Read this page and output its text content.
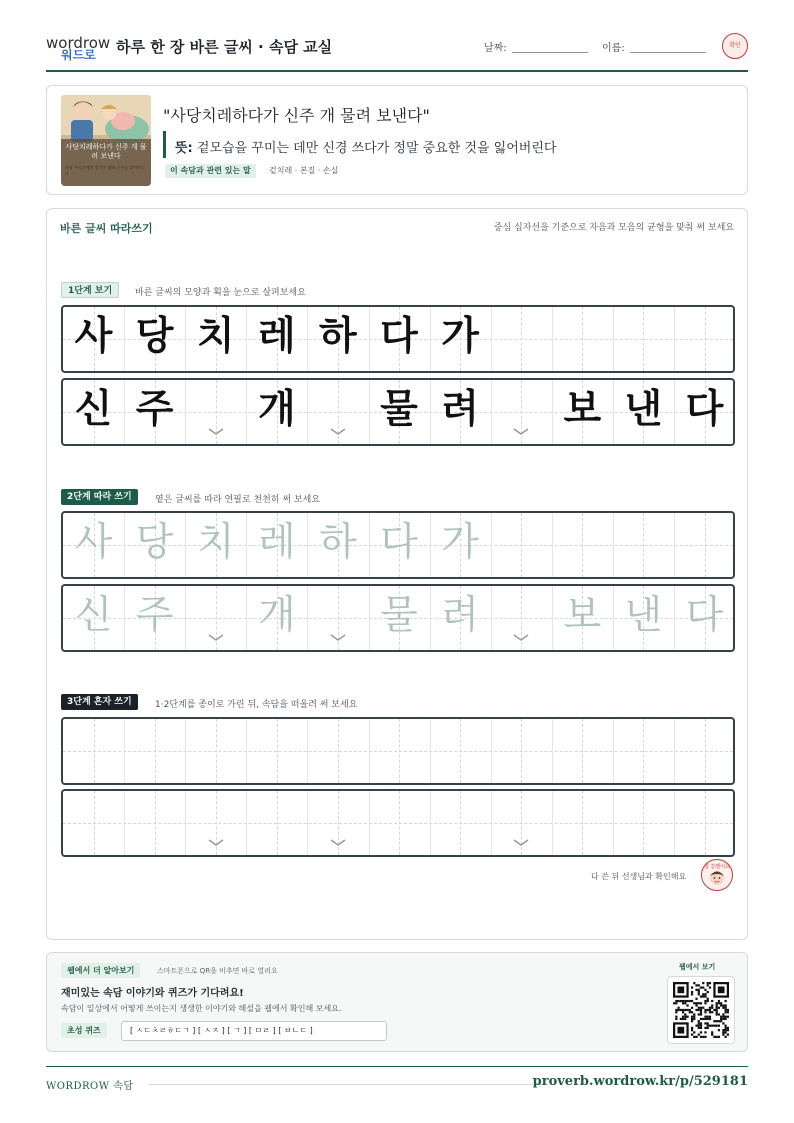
wordrow
워드로 하루 한 장 바른 글씨 · 속담 교실	날짜:	이름:	확인
사당치레하다가 신주 개 물려 보낸다
사당 꾸미기에만 정신이 팔려 신주를 잃어버리다
"사당치레하다가 신주 개 물려 보낸다"
뜻: 겉모습을 꾸미는 데만 신경 쓰다가 정말 중요한 것을 잃어버린다
이 속담과 관련 있는 말	겉치레 · 본질 · 손실
바른 글씨 따라쓰기	중심 십자선을 기준으로 자음과 모음의 균형을 맞춰 써 보세요
1단계 보기	바른 글씨의 모양과 획을 눈으로 살펴보세요
사 당 치 레 하 다 가
신 주 개 물 려 보 낸 다
2단계 따라 쓰기	옅은 글씨를 따라 연필로 천천히 써 보세요
사 당 치 레 하 다 가
신 주 개 물 려 보 낸 다
3단계 혼자 쓰기	1·2단계를 종이로 가린 뒤, 속담을 떠올려 써 보세요
다 쓴 뒤 선생님과 확인해요
참 잘했어요
웹에서 더 알아보기	스마트폰으로 QR을 비추면 바로 열려요
재미있는 속담 이야기와 퀴즈가 기다려요!
속담이 일상에서 어떻게 쓰이는지 생생한 이야기와 해설을 웹에서 확인해 보세요.
초성 퀴즈	[ ㅅㄷㅊㄹㅎㄷㄱ ] [ ㅅㅈ ] [ ㄱ ] [ ㅁㄹ ] [ ㅂㄴㄷ ]
웹에서 보기
WORDROW 속담	proverb.wordrow.kr/p/529181
